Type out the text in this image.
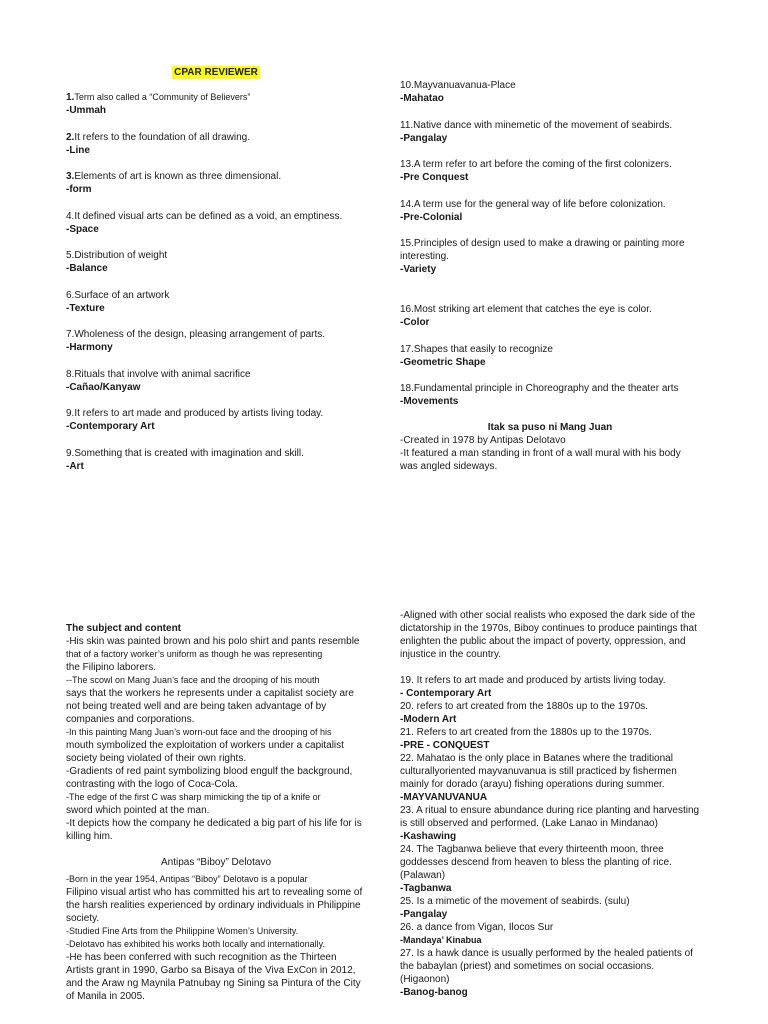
CPAR REVIEWER
1.Term also called a “Community of Believers”
-Ummah
2.It refers to the foundation of all drawing.
-Line
3.Elements of art is known as three dimensional.
-form
4.It defined visual arts can be defined as a void, an emptiness.
-Space
5.Distribution of weight
-Balance
6.Surface of an artwork
-Texture
7.Wholeness of the design, pleasing arrangement of parts.
-Harmony
8.Rituals that involve with animal sacrifice
-Cañao/Kanyaw
9.It refers to art made and produced by artists living today.
-Contemporary Art
9.Something that is created with imagination and skill.
-Art
10.Mayvanuavanua-Place
-Mahatao
11.Native dance with minemetic of the movement of seabirds.
-Pangalay
13.A term refer to art before the coming of the first colonizers.
-Pre Conquest
14.A term use for the general way of life before colonization.
-Pre-Colonial
15.Principles of design used to make a drawing or painting more interesting.
-Variety
16.Most striking art element that catches the eye is color.
-Color
17.Shapes that easily to recognize
-Geometric Shape
18.Fundamental principle in Choreography and the theater arts
-Movements
Itak sa puso ni Mang Juan
-Created in 1978 by Antipas Delotavo
-It featured a man standing in front of a wall mural with his body was angled sideways.
The subject and content
-His skin was painted brown and his polo shirt and pants resemble
that of a factory worker’s uniform as though he was representing
the Filipino laborers.
--The scowl on Mang Juan’s face and the drooping of his mouth
says that the workers he represents under a capitalist society are not being treated well and are being taken advantage of by companies and corporations.
-In this painting Mang Juan’s worn-out face and the drooping of his
mouth symbolized the exploitation of workers under a capitalist society being violated of their own rights.
-Gradients of red paint symbolizing blood engulf the background, contrasting with the logo of Coca-Cola.
-The edge of the first C was sharp mimicking the tip of a knife or
sword which pointed at the man.
-It depicts how the company he dedicated a big part of his life for is killing him.
Antipas “Biboy” Delotavo
-Born in the year 1954, Antipas “Biboy” Delotavo is a popular
Filipino visual artist who has committed his art to revealing some of the harsh realities experienced by ordinary individuals in Philippine society.
-Studied Fine Arts from the Philippine Women’s University.
-Delotavo has exhibited his works both locally and internationally.
-He has been conferred with such recognition as the Thirteen Artists grant in 1990, Garbo sa Bisaya of the Viva ExCon in 2012, and the Araw ng Maynila Patnubay ng Sining sa Pintura of the City of Manila in 2005.
-Aligned with other social realists who exposed the dark side of the dictatorship in the 1970s, Biboy continues to produce paintings that enlighten the public about the impact of poverty, oppression, and injustice in the country.
19. It refers to art made and produced by artists living today.
- Contemporary Art
20. refers to art created from the 1880s up to the 1970s.
-Modern Art
21. Refers to art created from the 1880s up to the 1970s.
-PRE - CONQUEST
22. Mahatao is the only place in Batanes where the traditional culturallyoriented mayvanuvanua is still practiced by fishermen mainly for dorado (arayu) fishing operations during summer.
-MAYVANUVANUA
23. A ritual to ensure abundance during rice planting and harvesting is still observed and performed. (Lake Lanao in Mindanao)
-Kashawing
24. The Tagbanwa believe that every thirteenth moon, three goddesses descend from heaven to bless the planting of rice. (Palawan)
-Tagbanwa
25. Is a mimetic of the movement of seabirds. (sulu)
-Pangalay
26. a dance from Vigan, Ilocos Sur
-Mandaya’ Kinabua
27. Is a hawk dance is usually performed by the healed patients of the babaylan (priest) and sometimes on social occasions. (Higaonon)
-Banog-banog
